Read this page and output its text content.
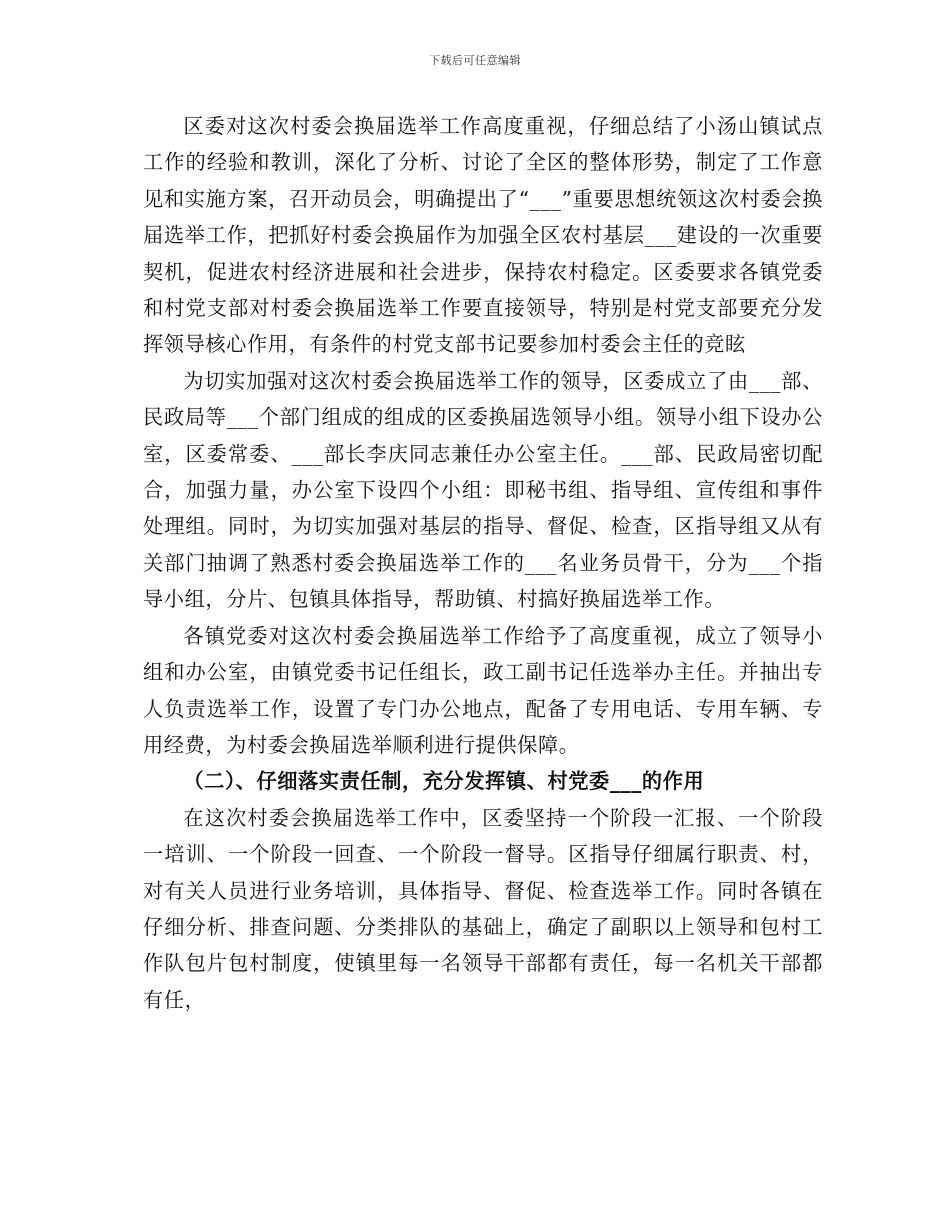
下载后可任意编辑

区委对这次村委会换届选举工作高度重视，仔细总结了小汤山镇试点工作的经验和教训，深化了分析、讨论了全区的整体形势，制定了工作意见和实施方案，召开动员会，明确提出了“___”重要思想统领这次村委会换届选举工作，把抓好村委会换届作为加强全区农村基层___建设的一次重要契机，促进农村经济进展和社会进步，保持农村稳定。区委要求各镇党委和村党支部对村委会换届选举工作要直接领导，特别是村党支部要充分发挥领导核心作用，有条件的村党支部书记要参加村委会主任的竞眩

为切实加强对这次村委会换届选举工作的领导，区委成立了由___部、民政局等___个部门组成的组成的区委换届选领导小组。领导小组下设办公室，区委常委、___部长李庆同志兼任办公室主任。___部、民政局密切配合，加强力量，办公室下设四个小组：即秘书组、指导组、宣传组和事件处理组。同时，为切实加强对基层的指导、督促、检查，区指导组又从有关部门抽调了熟悉村委会换届选举工作的___名业务员骨干，分为___个指导小组，分片、包镇具体指导，帮助镇、村搞好换届选举工作。

各镇党委对这次村委会换届选举工作给予了高度重视，成立了领导小组和办公室，由镇党委书记任组长，政工副书记任选举办主任。并抽出专人负责选举工作，设置了专门办公地点，配备了专用电话、专用车辆、专用经费，为村委会换届选举顺利进行提供保障。

（二）、仔细落实责任制，充分发挥镇、村党委___的作用

在这次村委会换届选举工作中，区委坚持一个阶段一汇报、一个阶段一培训、一个阶段一回查、一个阶段一督导。区指导仔细属行职责、村，对有关人员进行业务培训，具体指导、督促、检查选举工作。同时各镇在仔细分析、排查问题、分类排队的基础上，确定了副职以上领导和包村工作队包片包村制度，使镇里每一名领导干部都有责任，每一名机关干部都有任，
